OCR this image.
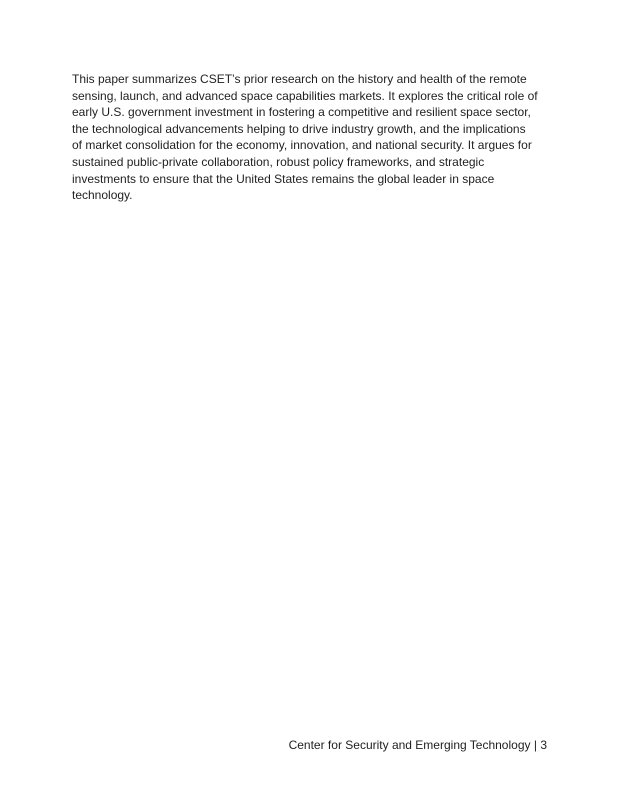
This paper summarizes CSET’s prior research on the history and health of the remote
sensing, launch, and advanced space capabilities markets. It explores the critical role of
early U.S. government investment in fostering a competitive and resilient space sector,
the technological advancements helping to drive industry growth, and the implications
of market consolidation for the economy, innovation, and national security. It argues for
sustained public-private collaboration, robust policy frameworks, and strategic
investments to ensure that the United States remains the global leader in space
technology.

Center for Security and Emerging Technology | 3
